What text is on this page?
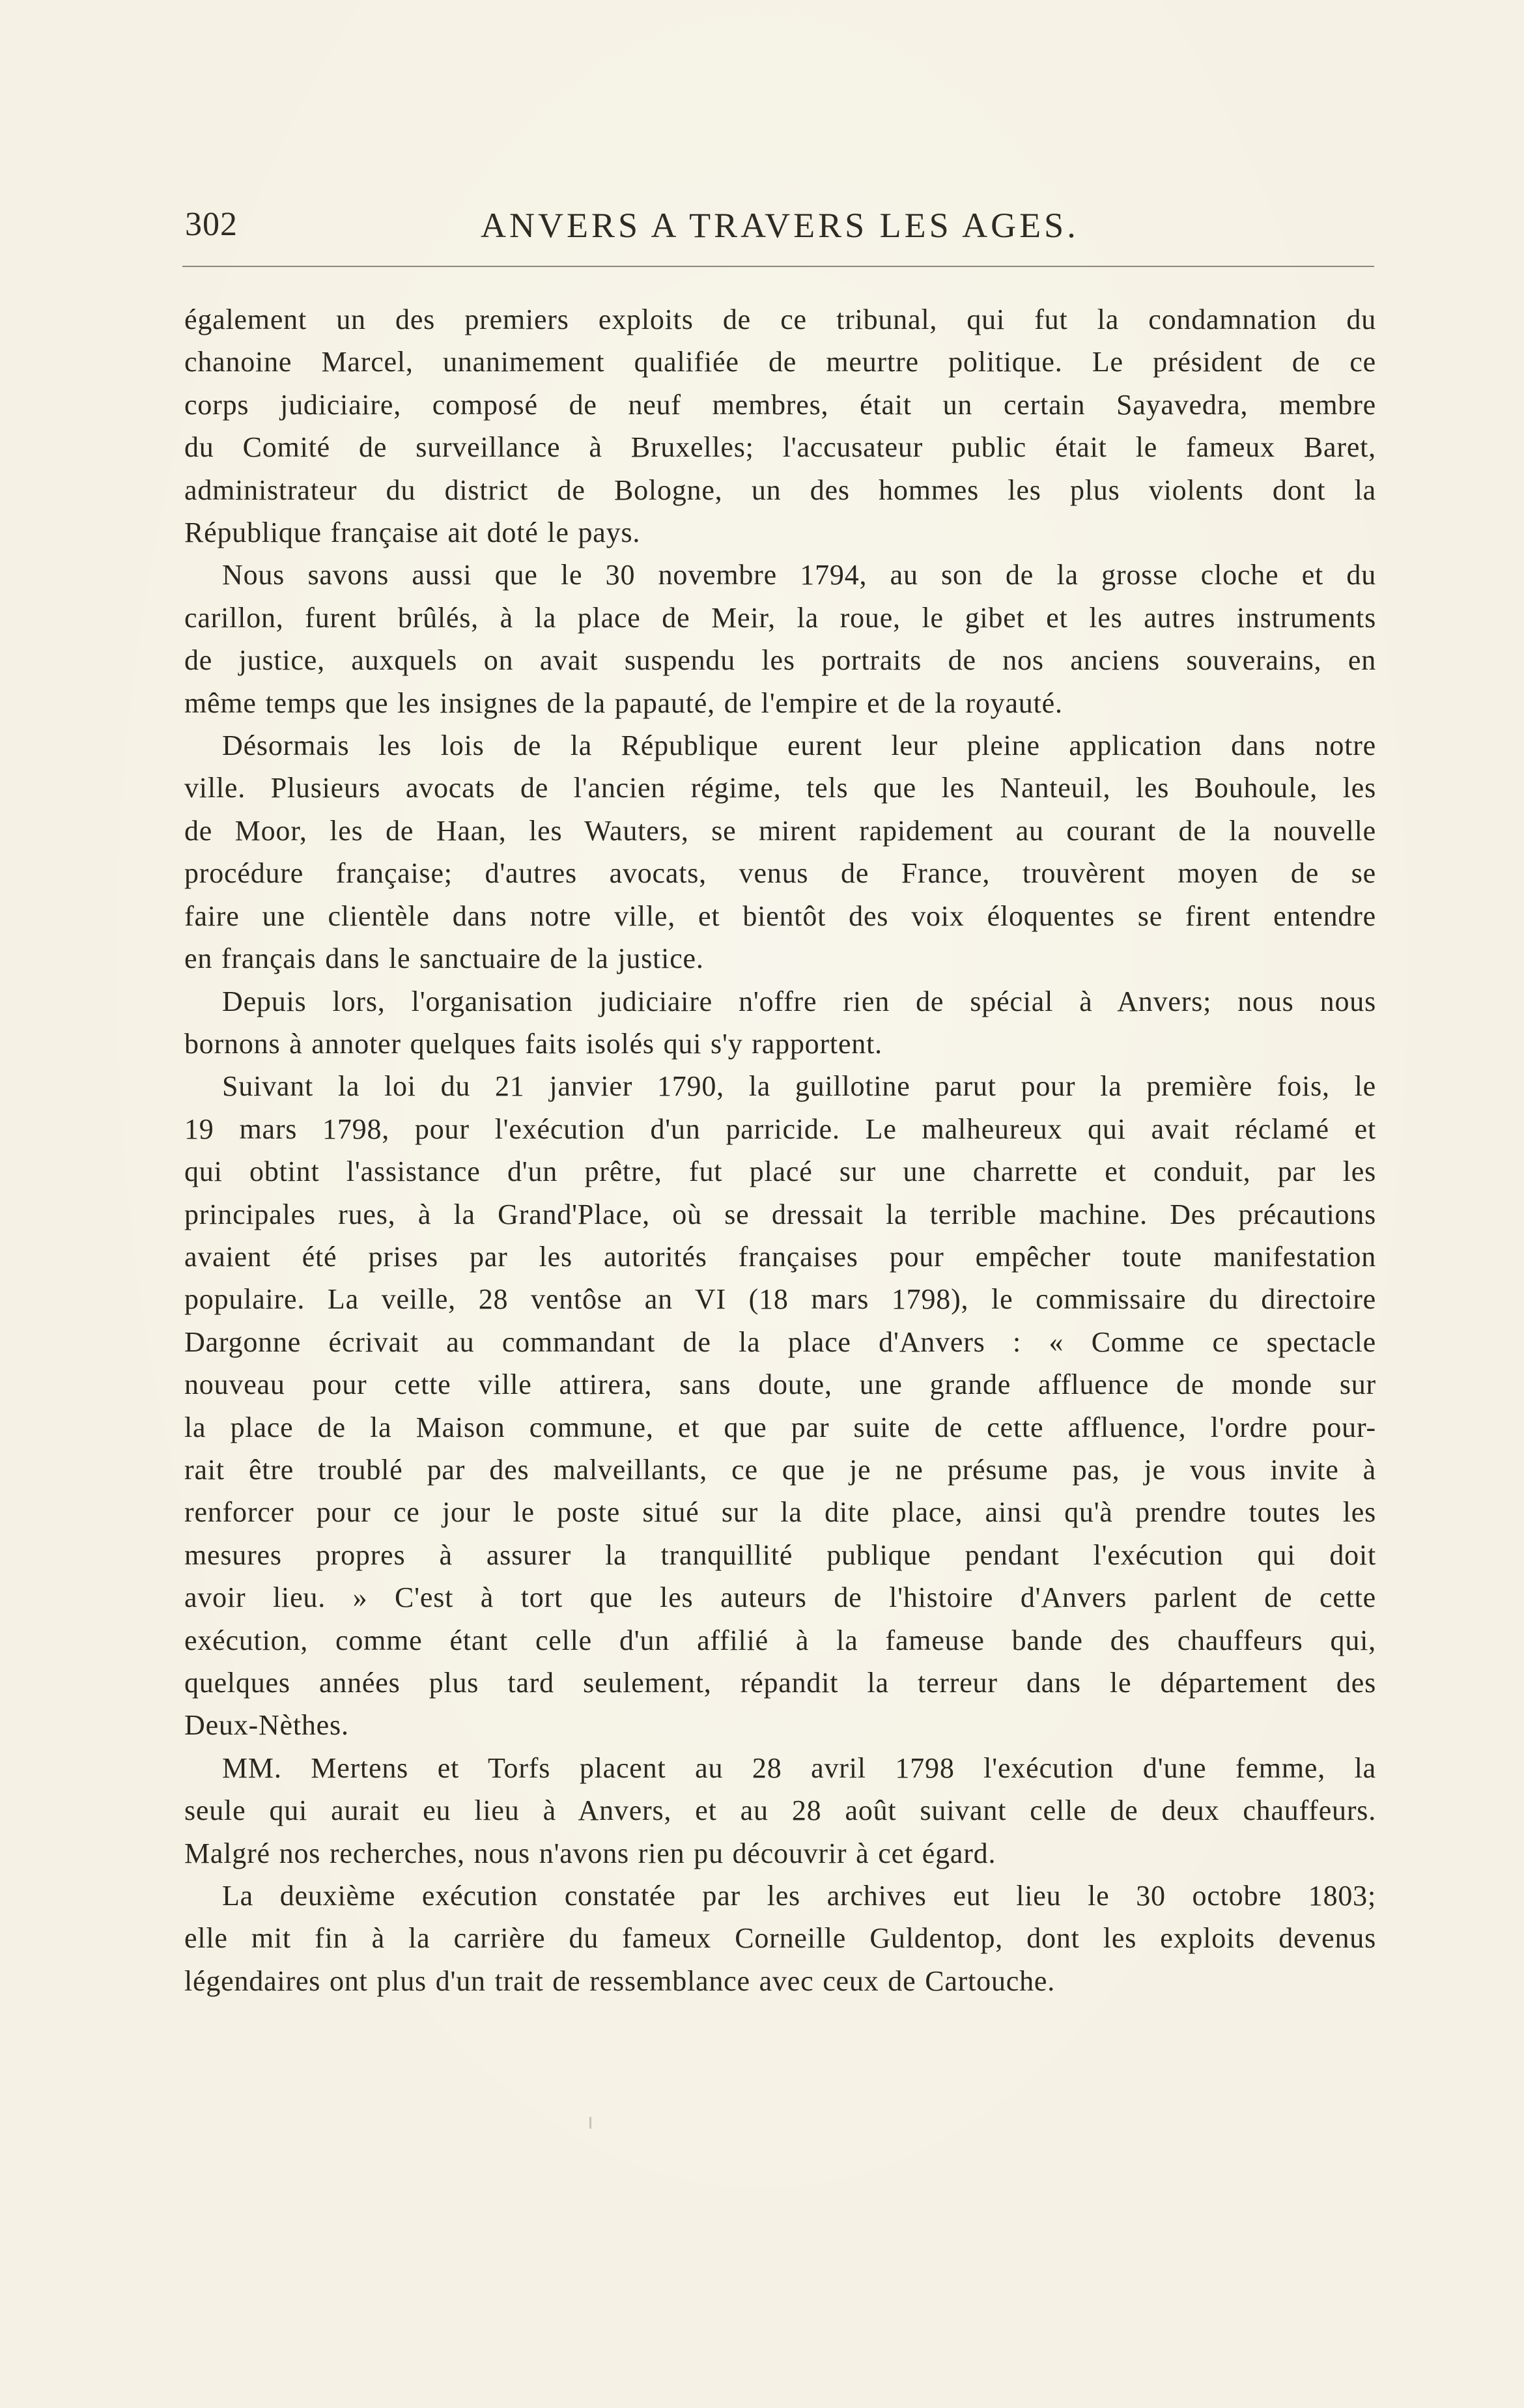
302	ANVERS A TRAVERS LES AGES.

également un des premiers exploits de ce tribunal, qui fut la condamnation du
chanoine Marcel, unanimement qualifiée de meurtre politique. Le président de ce
corps judiciaire, composé de neuf membres, était un certain Sayavedra, membre
du Comité de surveillance à Bruxelles; l'accusateur public était le fameux Baret,
administrateur du district de Bologne, un des hommes les plus violents dont la
République française ait doté le pays.

Nous savons aussi que le 30 novembre 1794, au son de la grosse cloche et du
carillon, furent brûlés, à la place de Meir, la roue, le gibet et les autres instruments
de justice, auxquels on avait suspendu les portraits de nos anciens souverains, en
même temps que les insignes de la papauté, de l'empire et de la royauté.

Désormais les lois de la République eurent leur pleine application dans notre
ville. Plusieurs avocats de l'ancien régime, tels que les Nanteuil, les Bouhoule, les
de Moor, les de Haan, les Wauters, se mirent rapidement au courant de la nouvelle
procédure française; d'autres avocats, venus de France, trouvèrent moyen de se
faire une clientèle dans notre ville, et bientôt des voix éloquentes se firent entendre
en français dans le sanctuaire de la justice.

Depuis lors, l'organisation judiciaire n'offre rien de spécial à Anvers; nous nous
bornons à annoter quelques faits isolés qui s'y rapportent.

Suivant la loi du 21 janvier 1790, la guillotine parut pour la première fois, le
19 mars 1798, pour l'exécution d'un parricide. Le malheureux qui avait réclamé et
qui obtint l'assistance d'un prêtre, fut placé sur une charrette et conduit, par les
principales rues, à la Grand'Place, où se dressait la terrible machine. Des précautions
avaient été prises par les autorités françaises pour empêcher toute manifestation
populaire. La veille, 28 ventôse an VI (18 mars 1798), le commissaire du directoire
Dargonne écrivait au commandant de la place d'Anvers : « Comme ce spectacle
nouveau pour cette ville attirera, sans doute, une grande affluence de monde sur
la place de la Maison commune, et que par suite de cette affluence, l'ordre pour-
rait être troublé par des malveillants, ce que je ne présume pas, je vous invite à
renforcer pour ce jour le poste situé sur la dite place, ainsi qu'à prendre toutes les
mesures propres à assurer la tranquillité publique pendant l'exécution qui doit
avoir lieu. » C'est à tort que les auteurs de l'histoire d'Anvers parlent de cette
exécution, comme étant celle d'un affilié à la fameuse bande des chauffeurs qui,
quelques années plus tard seulement, répandit la terreur dans le département des
Deux-Nèthes.

MM. Mertens et Torfs placent au 28 avril 1798 l'exécution d'une femme, la
seule qui aurait eu lieu à Anvers, et au 28 août suivant celle de deux chauffeurs.
Malgré nos recherches, nous n'avons rien pu découvrir à cet égard.

La deuxième exécution constatée par les archives eut lieu le 30 octobre 1803;
elle mit fin à la carrière du fameux Corneille Guldentop, dont les exploits devenus
légendaires ont plus d'un trait de ressemblance avec ceux de Cartouche.
